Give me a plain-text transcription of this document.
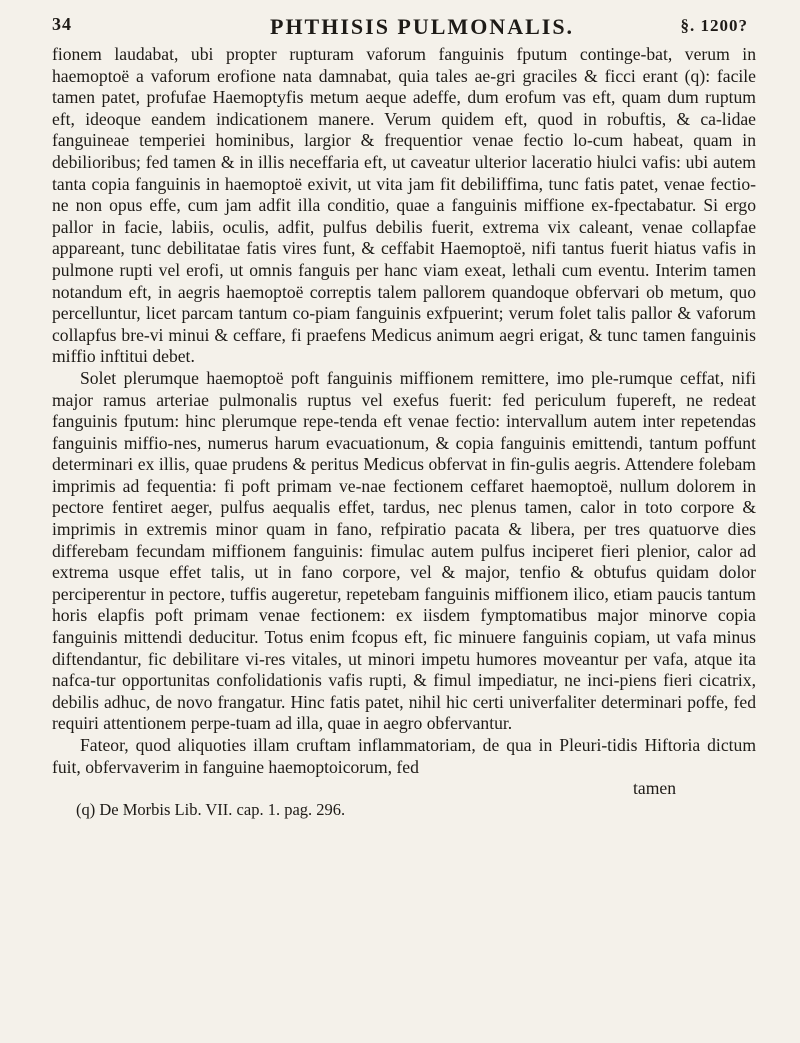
34	PHTHISIS PULMONALIS.	§. 1200?

fionem laudabat, ubi propter rupturam vaforum fanguinis fputum continge-bat, verum in haemoptoë a vaforum erofione nata damnabat, quia tales ae-gri graciles & ficci erant (q): facile tamen patet, profufae Haemoptyfis metum aeque adeffe, dum erofum vas eft, quam dum ruptum eft, ideoque eandem indicationem manere. Verum quidem eft, quod in robuftis, & ca-lidae fanguineae temperiei hominibus, largior & frequentior venae fectio lo-cum habeat, quam in debilioribus; fed tamen & in illis neceffaria eft, ut caveatur ulterior laceratio hiulci vafis: ubi autem tanta copia fanguinis in haemoptoë exivit, ut vita jam fit debiliffima, tunc fatis patet, venae fectio-ne non opus effe, cum jam adfit illa conditio, quae a fanguinis miffione ex-fpectabatur. Si ergo pallor in facie, labiis, oculis, adfit, pulfus debilis fuerit, extrema vix caleant, venae collapfae appareant, tunc debilitatae fatis vires funt, & ceffabit Haemoptoë, nifi tantus fuerit hiatus vafis in pulmone rupti vel erofi, ut omnis fanguis per hanc viam exeat, lethali cum eventu. Interim tamen notandum eft, in aegris haemoptoë correptis talem pallorem quandoque obfervari ob metum, quo percelluntur, licet parcam tantum co-piam fanguinis exfpuerint; verum folet talis pallor & vaforum collapfus bre-vi minui & ceffare, fi praefens Medicus animum aegri erigat, & tunc tamen fanguinis miffio inftitui debet.

Solet plerumque haemoptoë poft fanguinis miffionem remittere, imo ple-rumque ceffat, nifi major ramus arteriae pulmonalis ruptus vel exefus fuerit: fed periculum fupereft, ne redeat fanguinis fputum: hinc plerumque repe-tenda eft venae fectio: intervallum autem inter repetendas fanguinis miffio-nes, numerus harum evacuationum, & copia fanguinis emittendi, tantum poffunt determinari ex illis, quae prudens & peritus Medicus obfervat in fin-gulis aegris. Attendere folebam imprimis ad fequentia: fi poft primam ve-nae fectionem ceffaret haemoptoë, nullum dolorem in pectore fentiret aeger, pulfus aequalis effet, tardus, nec plenus tamen, calor in toto corpore & imprimis in extremis minor quam in fano, refpiratio pacata & libera, per tres quatuorve dies differebam fecundam miffionem fanguinis: fimulac autem pulfus inciperet fieri plenior, calor ad extrema usque effet talis, ut in fano corpore, vel & major, tenfio & obtufus quidam dolor perciperentur in pectore, tuffis augeretur, repetebam fanguinis miffionem ilico, etiam paucis tantum horis elapfis poft primam venae fectionem: ex iisdem fymptomatibus major minorve copia fanguinis mittendi deducitur. Totus enim fcopus eft, fic minuere fanguinis copiam, ut vafa minus diftendantur, fic debilitare vi-res vitales, ut minori impetu humores moveantur per vafa, atque ita nafca-tur opportunitas confolidationis vafis rupti, & fimul impediatur, ne inci-piens fieri cicatrix, debilis adhuc, de novo frangatur. Hinc fatis patet, nihil hic certi univerfaliter determinari poffe, fed requiri attentionem perpe-tuam ad illa, quae in aegro obfervantur.

Fateor, quod aliquoties illam cruftam inflammatoriam, de qua in Pleuri-tidis Hiftoria dictum fuit, obfervaverim in fanguine haemoptoicorum, fed

tamen
(q) De Morbis Lib. VII. cap. 1. pag. 296.
